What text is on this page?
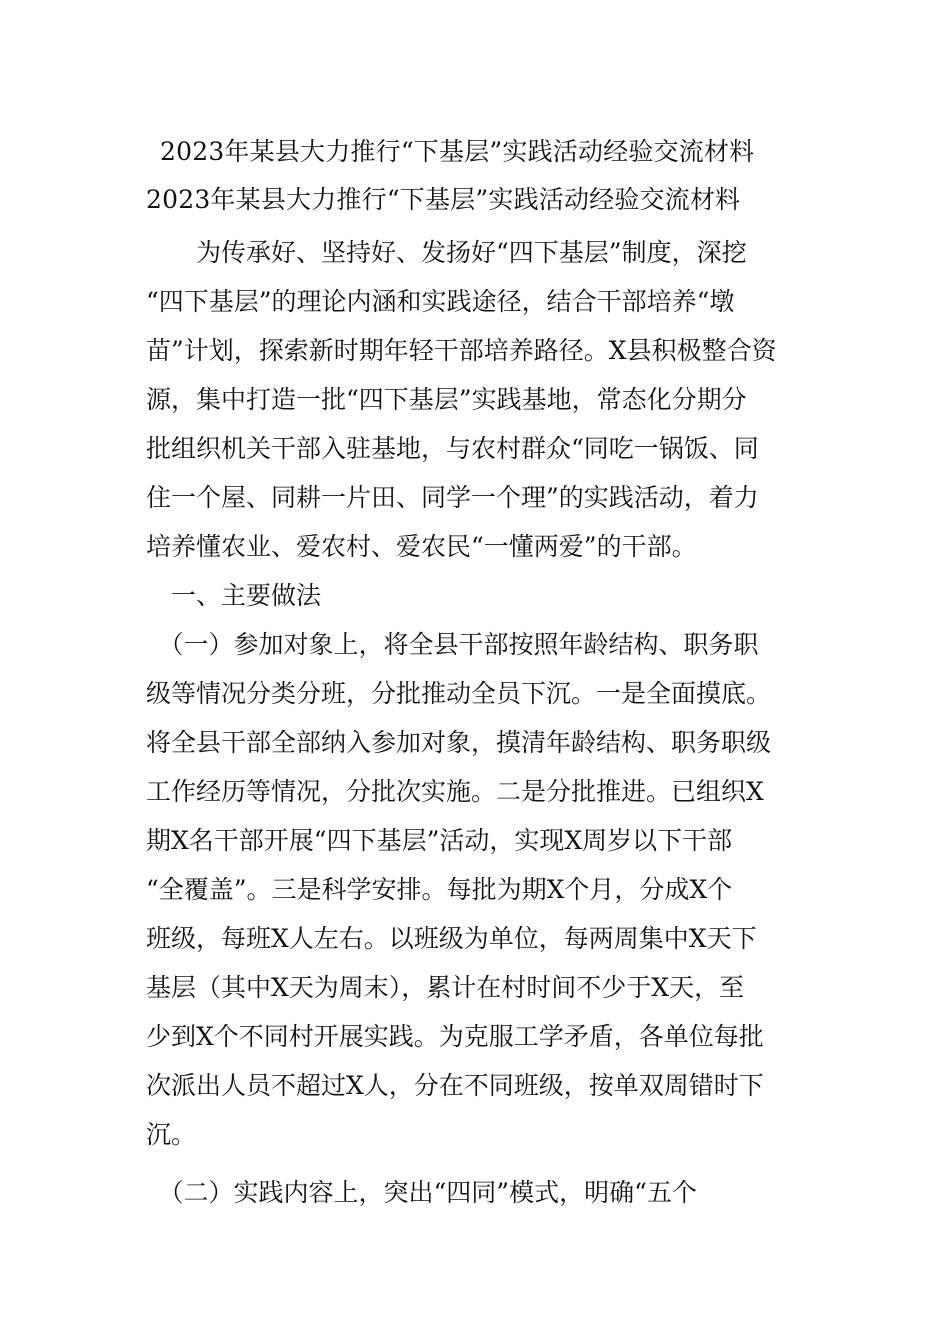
2023年某县大力推行“下基层”实践活动经验交流材料
2023年某县大力推行“下基层”实践活动经验交流材料
　　为传承好、坚持好、发扬好“四下基层”制度，深挖
“四下基层”的理论内涵和实践途径，结合干部培养“墩
苗”计划，探索新时期年轻干部培养路径。X县积极整合资
源，集中打造一批“四下基层”实践基地，常态化分期分
批组织机关干部入驻基地，与农村群众“同吃一锅饭、同
住一个屋、同耕一片田、同学一个理”的实践活动，着力
培养懂农业、爱农村、爱农民“一懂两爱”的干部。
　一、主要做法
　（一）参加对象上，将全县干部按照年龄结构、职务职
级等情况分类分班，分批推动全员下沉。一是全面摸底。
将全县干部全部纳入参加对象，摸清年龄结构、职务职级
工作经历等情况，分批次实施。二是分批推进。已组织X
期X名干部开展“四下基层”活动，实现X周岁以下干部
“全覆盖”。三是科学安排。每批为期X个月，分成X个
班级，每班X人左右。以班级为单位，每两周集中X天下
基层（其中X天为周末），累计在村时间不少于X天，至
少到X个不同村开展实践。为克服工学矛盾，各单位每批
次派出人员不超过X人，分在不同班级，按单双周错时下
沉。
　（二）实践内容上，突出“四同”模式，明确“五个
